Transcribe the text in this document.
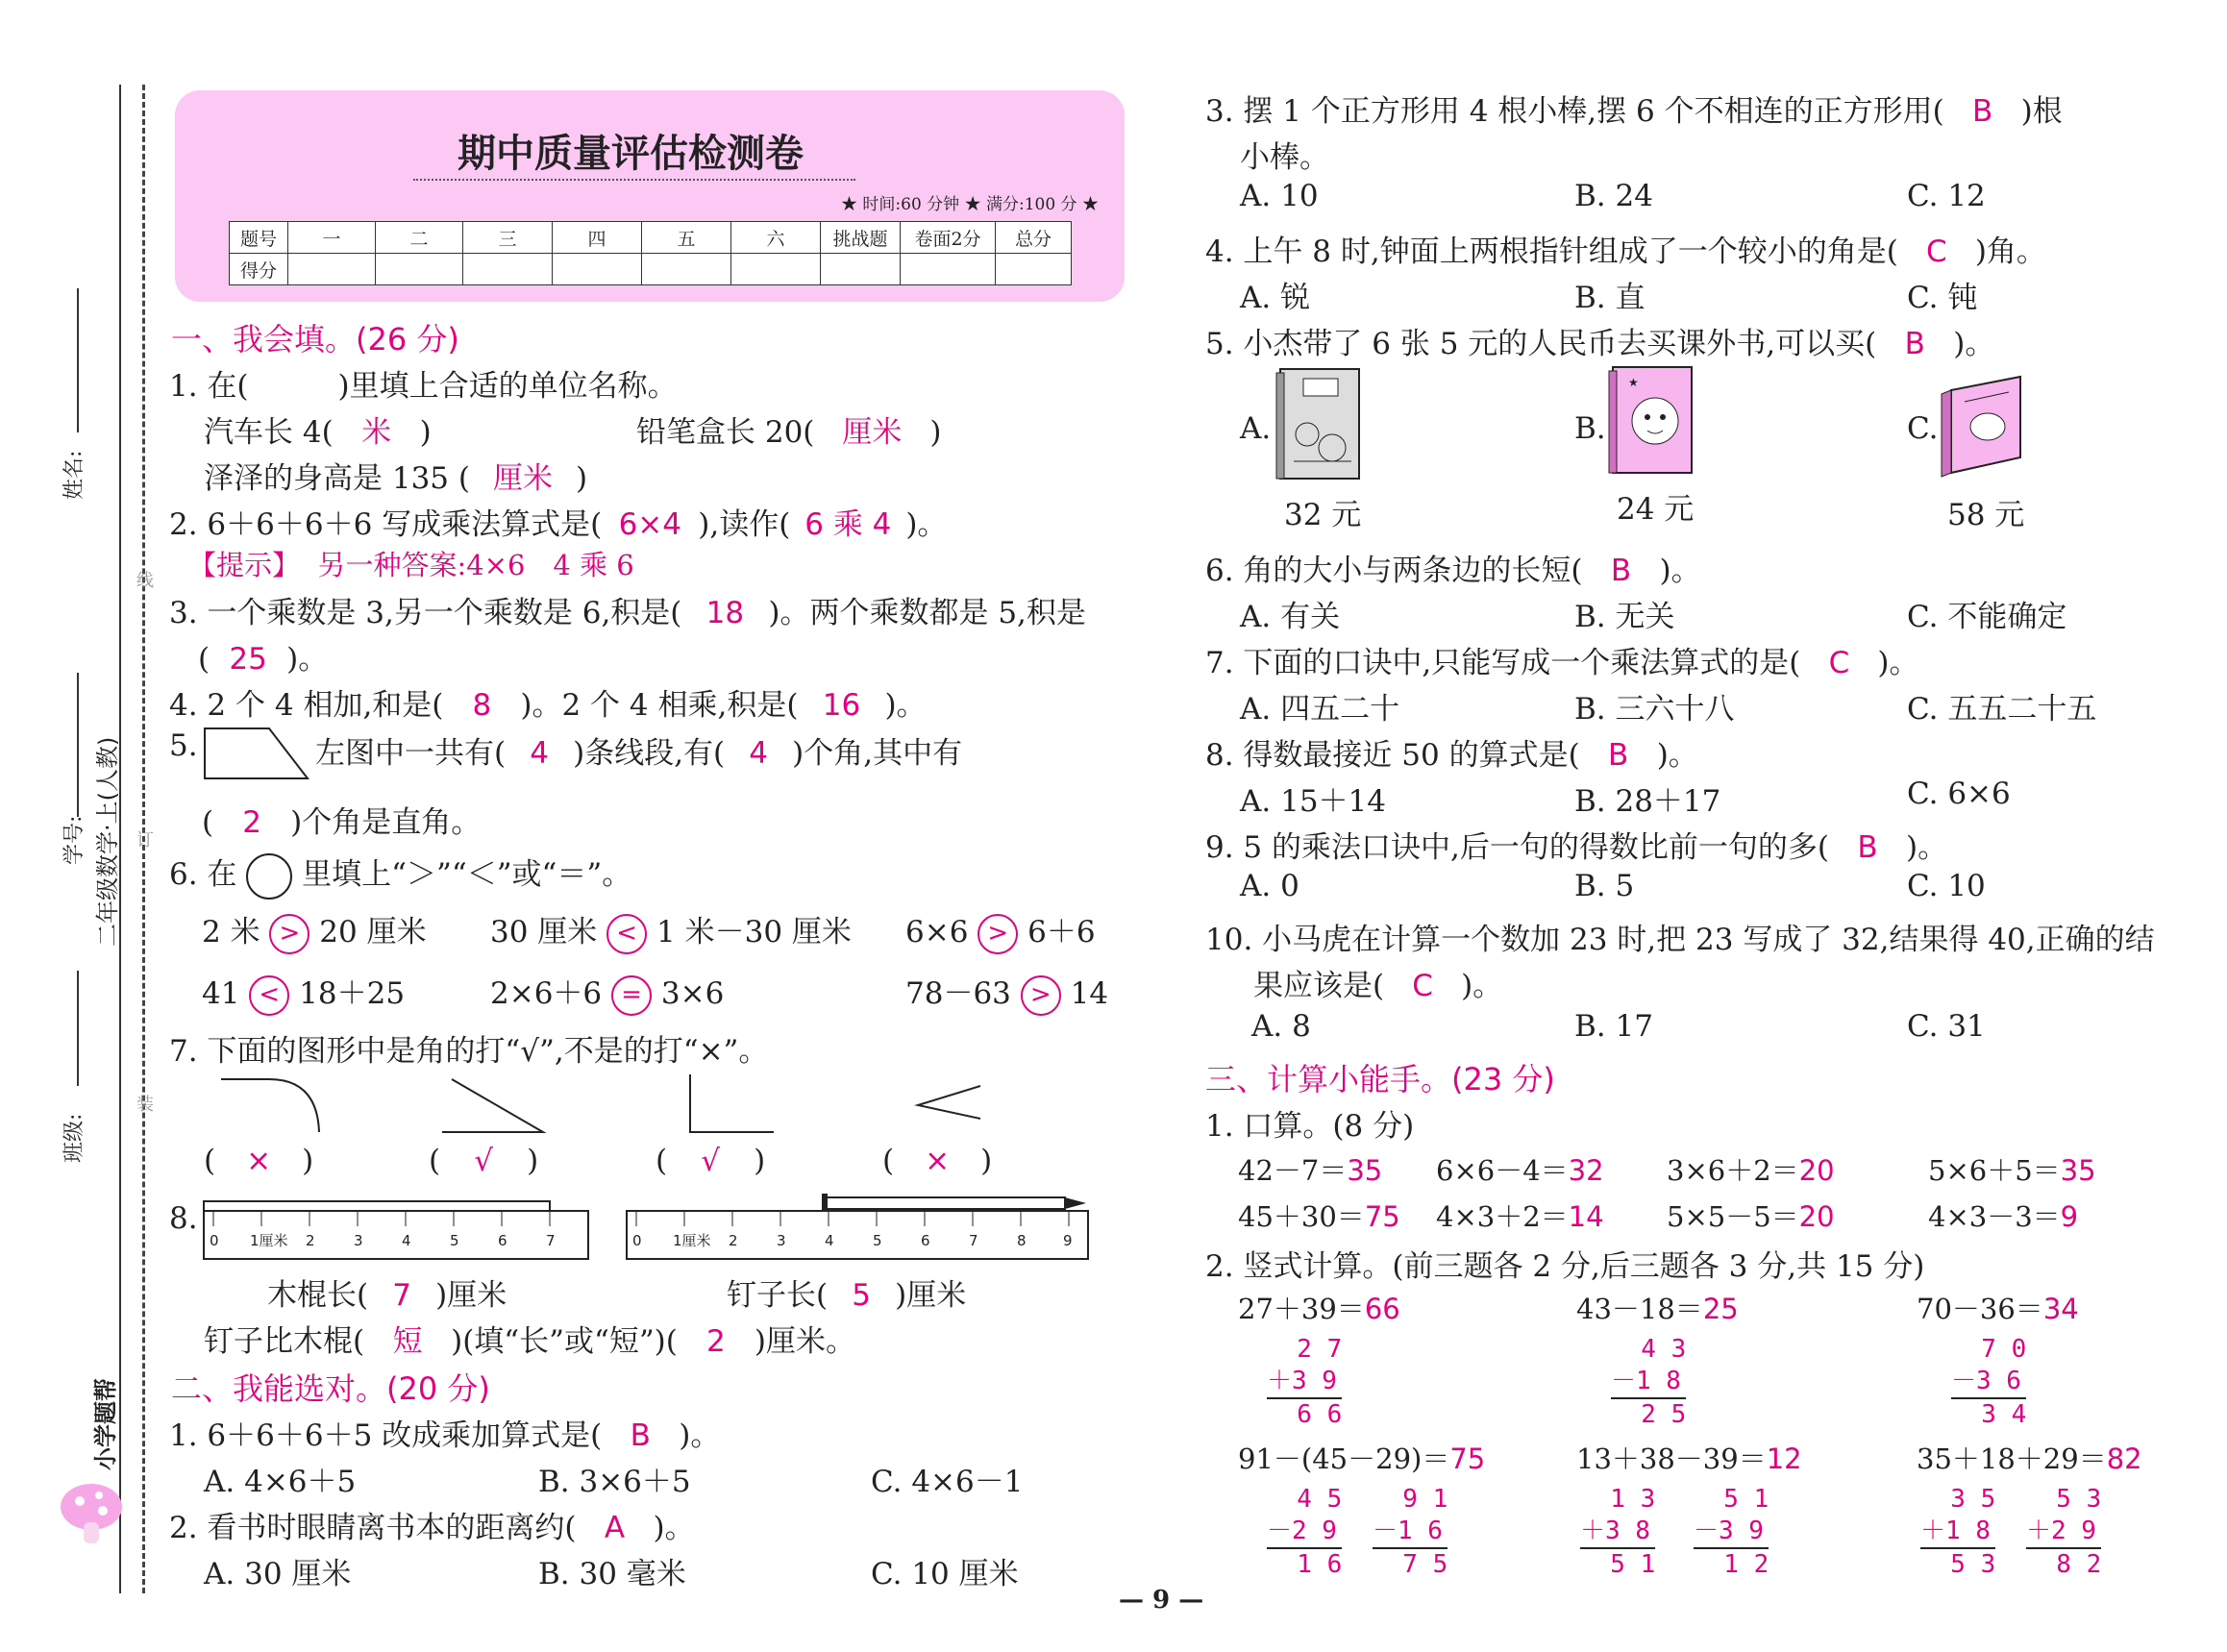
姓名:
线
学号: 二年级数学·上(人教) 订
班级:
装
小学题帮
期中质量评估检测卷
★ 时间:60 分钟 ★ 满分:100 分 ★
题号	一	二	三	四	五	六	挑战题	卷面2分	总分
得分									
一、我会填。(26 分)
1. 在(　　　)里填上合适的单位名称。
汽车长 4( 米 )	铅笔盒长 20( 厘米 )
泽泽的身高是 135 ( 厘米 )
2. 6＋6＋6＋6 写成乘法算式是( 6×4 ),读作( 6 乘 4 )。
【提示】 另一种答案:4×6　4 乘 6
3. 一个乘数是 3,另一个乘数是 6,积是( 18 )。两个乘数都是 5,积是
( 25 )。
4. 2 个 4 相加,和是( 8 )。2 个 4 相乘,积是( 16 )。
5.	左图中一共有( 4 )条线段,有( 4 )个角,其中有
( 2 )个角是直角。
6. 在 里填上“＞”“＜”或“＝”。
2 米 > 20 厘米 30 厘米 < 1 米－30 厘米 6×6 > 6＋6
41 < 18＋25	2×6＋6 = 3×6	78－63 > 14
7. 下面的图形中是角的打“√”,不是的打“×”。
( × )	( √ )	( √ )	( × )
8.
0 1厘米 2	3	4	5	6	7	0 1厘米 2	3	4	5	6	7	8	9
木棍长( 7 )厘米	钉子长( 5 )厘米
钉子比木棍( 短 )(填“长”或“短”)( 2 )厘米。
二、我能选对。(20 分)
1. 6＋6＋6＋5 改成乘加算式是( B )。
A. 4×6＋5	B. 3×6＋5	C. 4×6－1
2. 看书时眼睛离书本的距离约( A )。
A. 30 厘米	B. 30 毫米	C. 10 厘米
3. 摆 1 个正方形用 4 根小棒,摆 6 个不相连的正方形用( B )根
小棒。
A. 10	B. 24	C. 12
4. 上午 8 时,钟面上两根指针组成了一个较小的角是( C )角。
A. 锐	B. 直	C. 钝
5. 小杰带了 6 张 5 元的人民币去买课外书,可以买( B )。
A.	B.	C.
★
32 元	24 元	58 元
6. 角的大小与两条边的长短( B )。
A. 有关	B. 无关	C. 不能确定
7. 下面的口诀中,只能写成一个乘法算式的是( C )。
A. 四五二十	B. 三六十八	C. 五五二十五
8. 得数最接近 50 的算式是( B )。
A. 15＋14	B. 28＋17	C. 6×6
9. 5 的乘法口诀中,后一句的得数比前一句的多( B )。
A. 0	B. 5	C. 10
10. 小马虎在计算一个数加 23 时,把 23 写成了 32,结果得 40,正确的结
果应该是( C )。
A. 8	B. 17	C. 31
三、计算小能手。(23 分)
1. 口算。(8 分)
42－7＝35 6×6－4＝32 3×6＋2＝20	5×6＋5＝35
45＋30＝75 4×3＋2＝14 5×5－5＝20	4×3－3＝9
2. 竖式计算。(前三题各 2 分,后三题各 3 分,共 15 分)
27＋39＝66	43－18＝25	70－36＝34
2 7
＋3 9
6 6
4 3
－1 8
2 5
7 0
－3 6
3 4
91－(45－29)＝75	13＋38－39＝12	35＋18＋29＝82
4 5
－2 9
1 6
9 1
－1 6
7 5
1 3
＋3 8
5 1
5 1
－3 9
1 2
3 5
＋1 8
5 3
5 3
＋2 9
8 2
— 9 —
